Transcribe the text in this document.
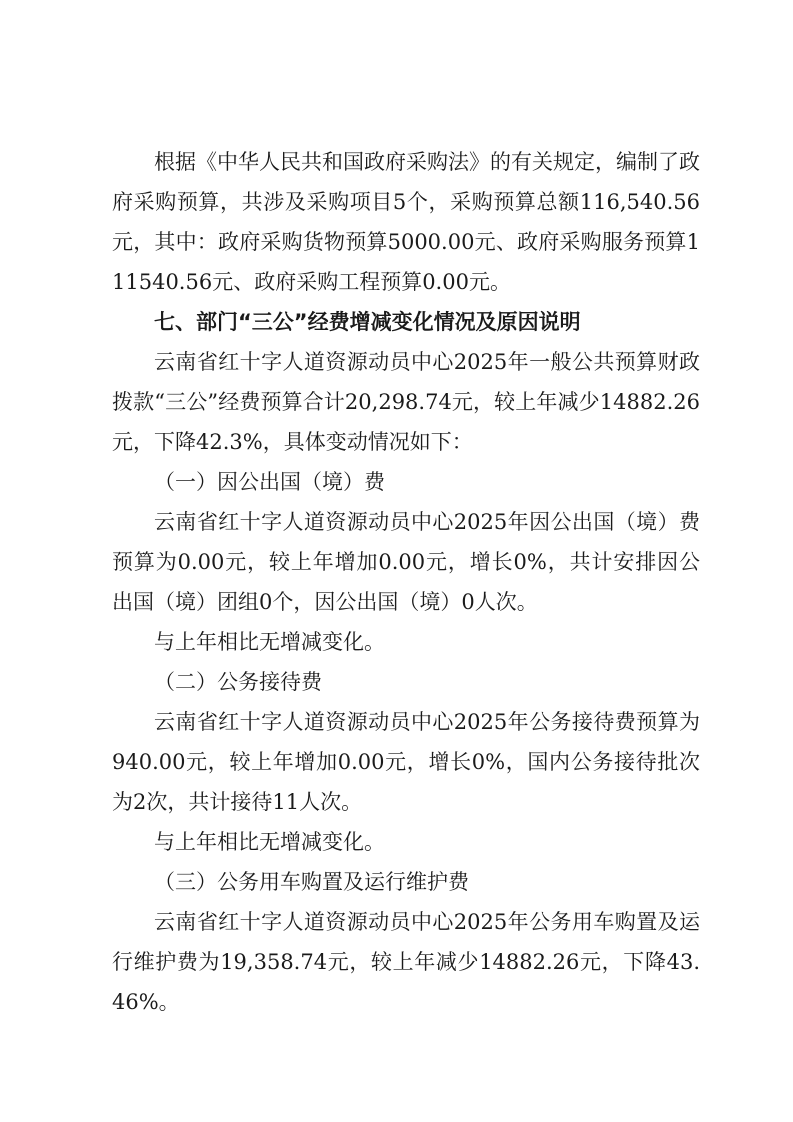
根据《中华人民共和国政府采购法》的有关规定，编制了政府采购预算，共涉及采购项目5个，采购预算总额116,540.56元，其中：政府采购货物预算5000.00元、政府采购服务预算111540.56元、政府采购工程预算0.00元。

七、部门“三公”经费增减变化情况及原因说明

云南省红十字人道资源动员中心2025年一般公共预算财政拨款“三公”经费预算合计20,298.74元，较上年减少14882.26元，下降42.3%，具体变动情况如下：

（一）因公出国（境）费

云南省红十字人道资源动员中心2025年因公出国（境）费预算为0.00元，较上年增加0.00元，增长0%，共计安排因公出国（境）团组0个，因公出国（境）0人次。

与上年相比无增减变化。

（二）公务接待费

云南省红十字人道资源动员中心2025年公务接待费预算为940.00元，较上年增加0.00元，增长0%，国内公务接待批次为2次，共计接待11人次。

与上年相比无增减变化。

（三）公务用车购置及运行维护费

云南省红十字人道资源动员中心2025年公务用车购置及运行维护费为19,358.74元，较上年减少14882.26元，下降43.46%。
